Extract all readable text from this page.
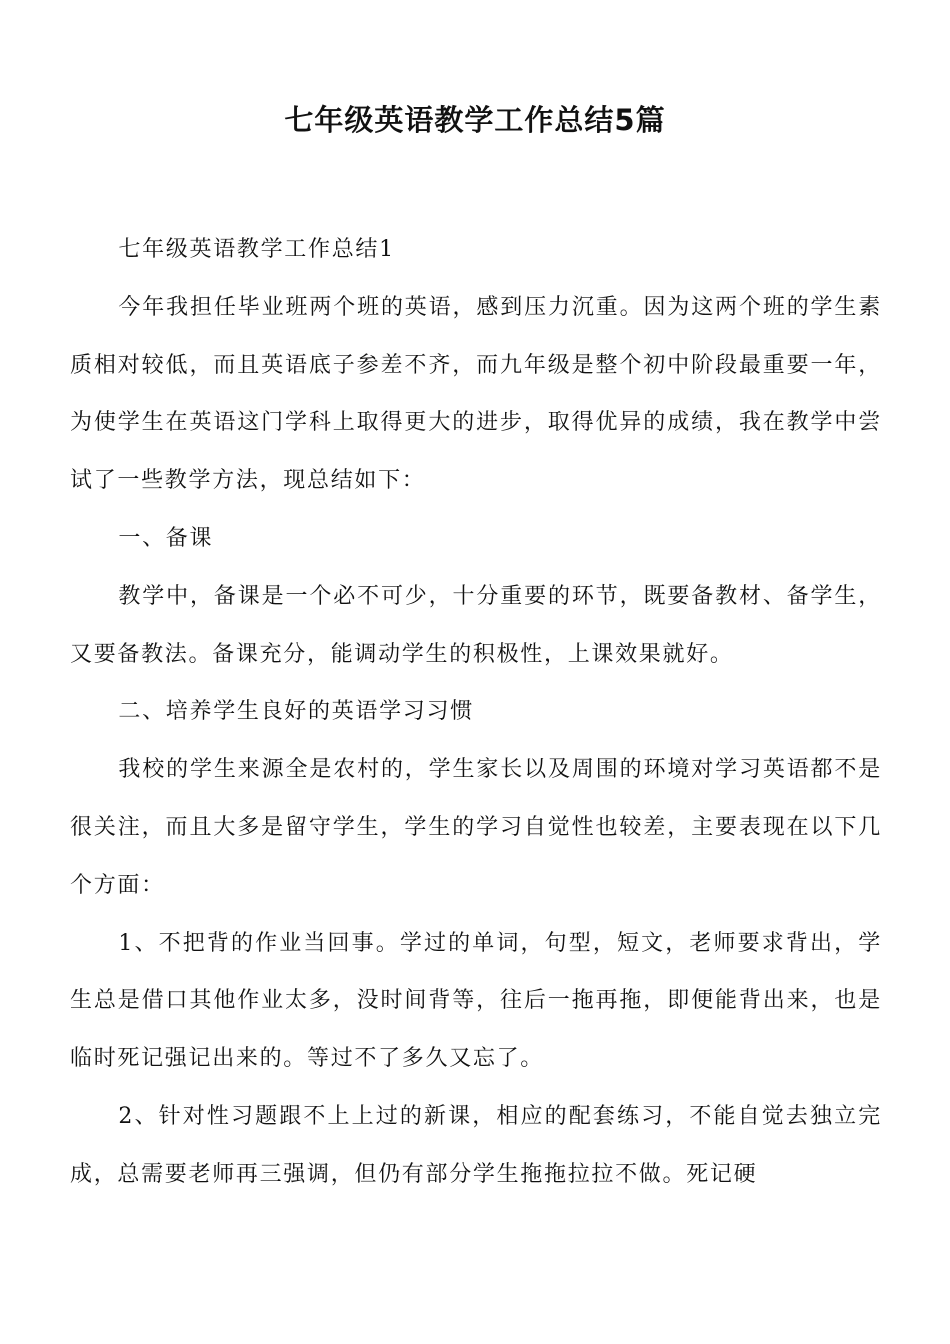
七年级英语教学工作总结5篇

七年级英语教学工作总结1

今年我担任毕业班两个班的英语，感到压力沉重。因为这两个班的学生素质相对较低，而且英语底子参差不齐，而九年级是整个初中阶段最重要一年，为使学生在英语这门学科上取得更大的进步，取得优异的成绩，我在教学中尝试了一些教学方法，现总结如下：

一、备课

教学中，备课是一个必不可少，十分重要的环节，既要备教材、备学生，又要备教法。备课充分，能调动学生的积极性，上课效果就好。

二、培养学生良好的英语学习习惯

我校的学生来源全是农村的，学生家长以及周围的环境对学习英语都不是很关注，而且大多是留守学生，学生的学习自觉性也较差，主要表现在以下几个方面：

1、不把背的作业当回事。学过的单词，句型，短文，老师要求背出，学生总是借口其他作业太多，没时间背等，往后一拖再拖，即便能背出来，也是临时死记强记出来的。等过不了多久又忘了。

2、针对性习题跟不上上过的新课，相应的配套练习，不能自觉去独立完成，总需要老师再三强调，但仍有部分学生拖拖拉拉不做。死记硬
